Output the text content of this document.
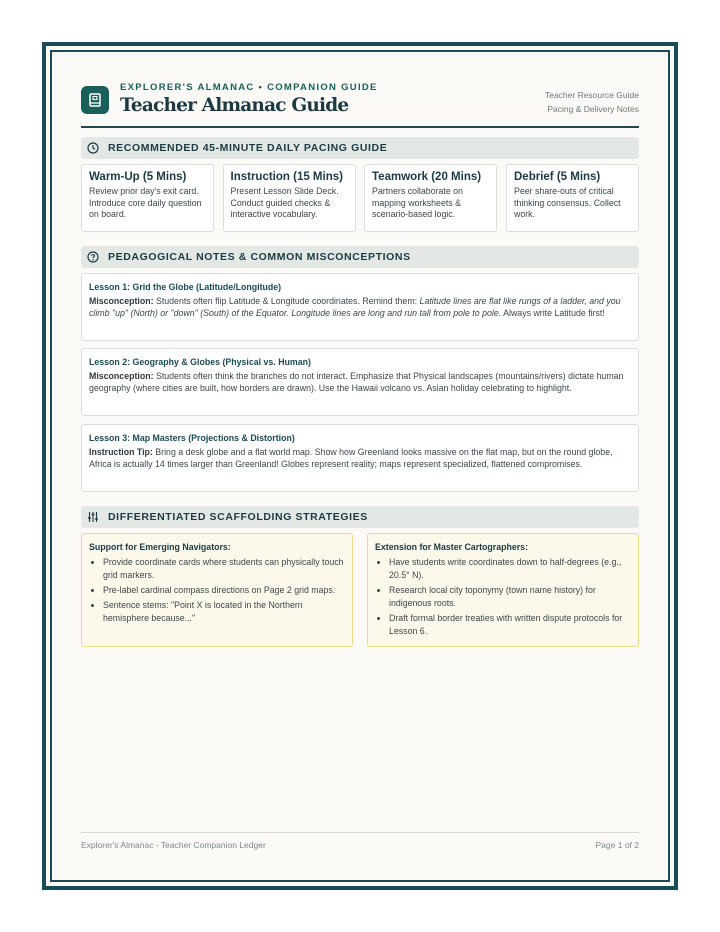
EXPLORER'S ALMANAC • COMPANION GUIDE
Teacher Almanac Guide	Teacher Resource Guide
Pacing & Delivery Notes
RECOMMENDED 45-MINUTE DAILY PACING GUIDE
Warm-Up (5 Mins)
Review prior day's exit card. Introduce core daily question on board.
Instruction (15 Mins)
Present Lesson Slide Deck. Conduct guided checks & interactive vocabulary.
Teamwork (20 Mins)
Partners collaborate on mapping worksheets & scenario-based logic.
Debrief (5 Mins)
Peer share-outs of critical thinking consensus. Collect work.
PEDAGOGICAL NOTES & COMMON MISCONCEPTIONS
Lesson 1: Grid the Globe (Latitude/Longitude)
Misconception: Students often flip Latitude & Longitude coordinates. Remind them: Latitude lines are flat like rungs of a ladder, and you climb "up" (North) or "down" (South) of the Equator. Longitude lines are long and run tall from pole to pole. Always write Latitude first!
Lesson 2: Geography & Globes (Physical vs. Human)
Misconception: Students often think the branches do not interact. Emphasize that Physical landscapes (mountains/rivers) dictate human geography (where cities are built, how borders are drawn). Use the Hawaii volcano vs. Asian holiday celebrating to highlight.
Lesson 3: Map Masters (Projections & Distortion)
Instruction Tip: Bring a desk globe and a flat world map. Show how Greenland looks massive on the flat map, but on the round globe, Africa is actually 14 times larger than Greenland! Globes represent reality; maps represent specialized, flattened compromises.
DIFFERENTIATED SCAFFOLDING STRATEGIES
Support for Emerging Navigators:
• Provide coordinate cards where students can physically touch grid markers.
• Pre-label cardinal compass directions on Page 2 grid maps.
• Sentence stems: "Point X is located in the Northern hemisphere because..."
Extension for Master Cartographers:
• Have students write coordinates down to half-degrees (e.g., 20.5° N).
• Research local city toponymy (town name history) for indigenous roots.
• Draft formal border treaties with written dispute protocols for Lesson 6.
Explorer's Almanac - Teacher Companion Ledger	Page 1 of 2
